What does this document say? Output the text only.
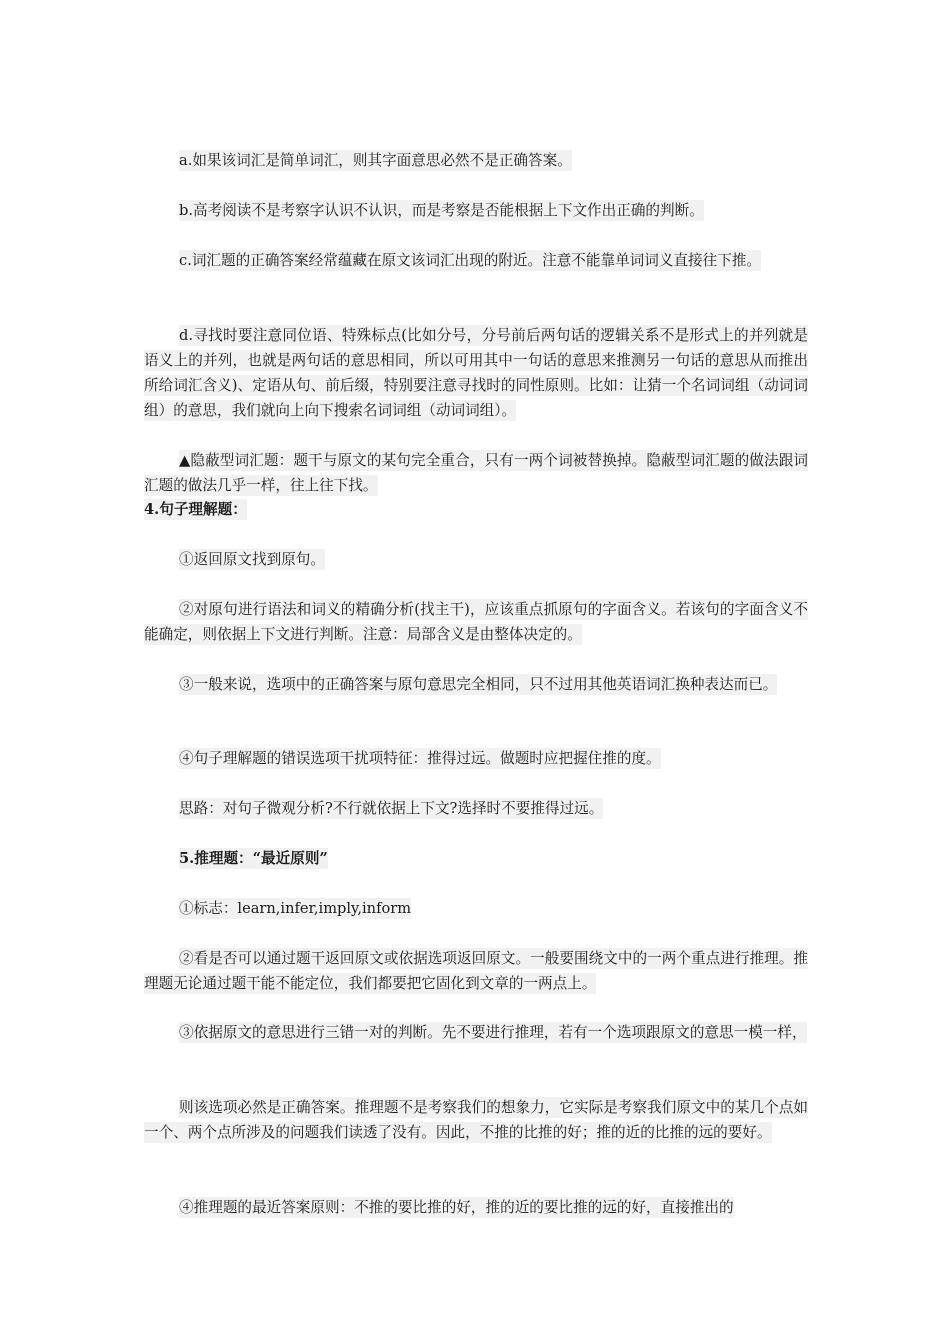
a.如果该词汇是简单词汇，则其字面意思必然不是正确答案。

b.高考阅读不是考察字认识不认识，而是考察是否能根据上下文作出正确的判断。

c.词汇题的正确答案经常蕴藏在原文该词汇出现的附近。注意不能靠单词词义直接往下推。

d.寻找时要注意同位语、特殊标点(比如分号，分号前后两句话的逻辑关系不是形式上的并列就是语义上的并列，也就是两句话的意思相同，所以可用其中一句话的意思来推测另一句话的意思从而推出所给词汇含义)、定语从句、前后缀，特别要注意寻找时的同性原则。比如：让猜一个名词词组（动词词组）的意思，我们就向上向下搜索名词词组（动词词组）。

▲隐蔽型词汇题：题干与原文的某句完全重合，只有一两个词被替换掉。隐蔽型词汇题的做法跟词汇题的做法几乎一样，往上往下找。

4.句子理解题：

①返回原文找到原句。

②对原句进行语法和词义的精确分析(找主干)，应该重点抓原句的字面含义。若该句的字面含义不能确定，则依据上下文进行判断。注意：局部含义是由整体决定的。

③一般来说，选项中的正确答案与原句意思完全相同，只不过用其他英语词汇换种表达而已。

④句子理解题的错误选项干扰项特征：推得过远。做题时应把握住推的度。

思路：对句子微观分析?不行就依据上下文?选择时不要推得过远。

5.推理题：“最近原则”

①标志：learn,infer,imply,inform

②看是否可以通过题干返回原文或依据选项返回原文。一般要围绕文中的一两个重点进行推理。推理题无论通过题干能不能定位，我们都要把它固化到文章的一两点上。

③依据原文的意思进行三错一对的判断。先不要进行推理，若有一个选项跟原文的意思一模一样，

则该选项必然是正确答案。推理题不是考察我们的想象力，它实际是考察我们原文中的某几个点如一个、两个点所涉及的问题我们读透了没有。因此，不推的比推的好；推的近的比推的远的要好。

④推理题的最近答案原则：不推的要比推的好，推的近的要比推的远的好，直接推出的
